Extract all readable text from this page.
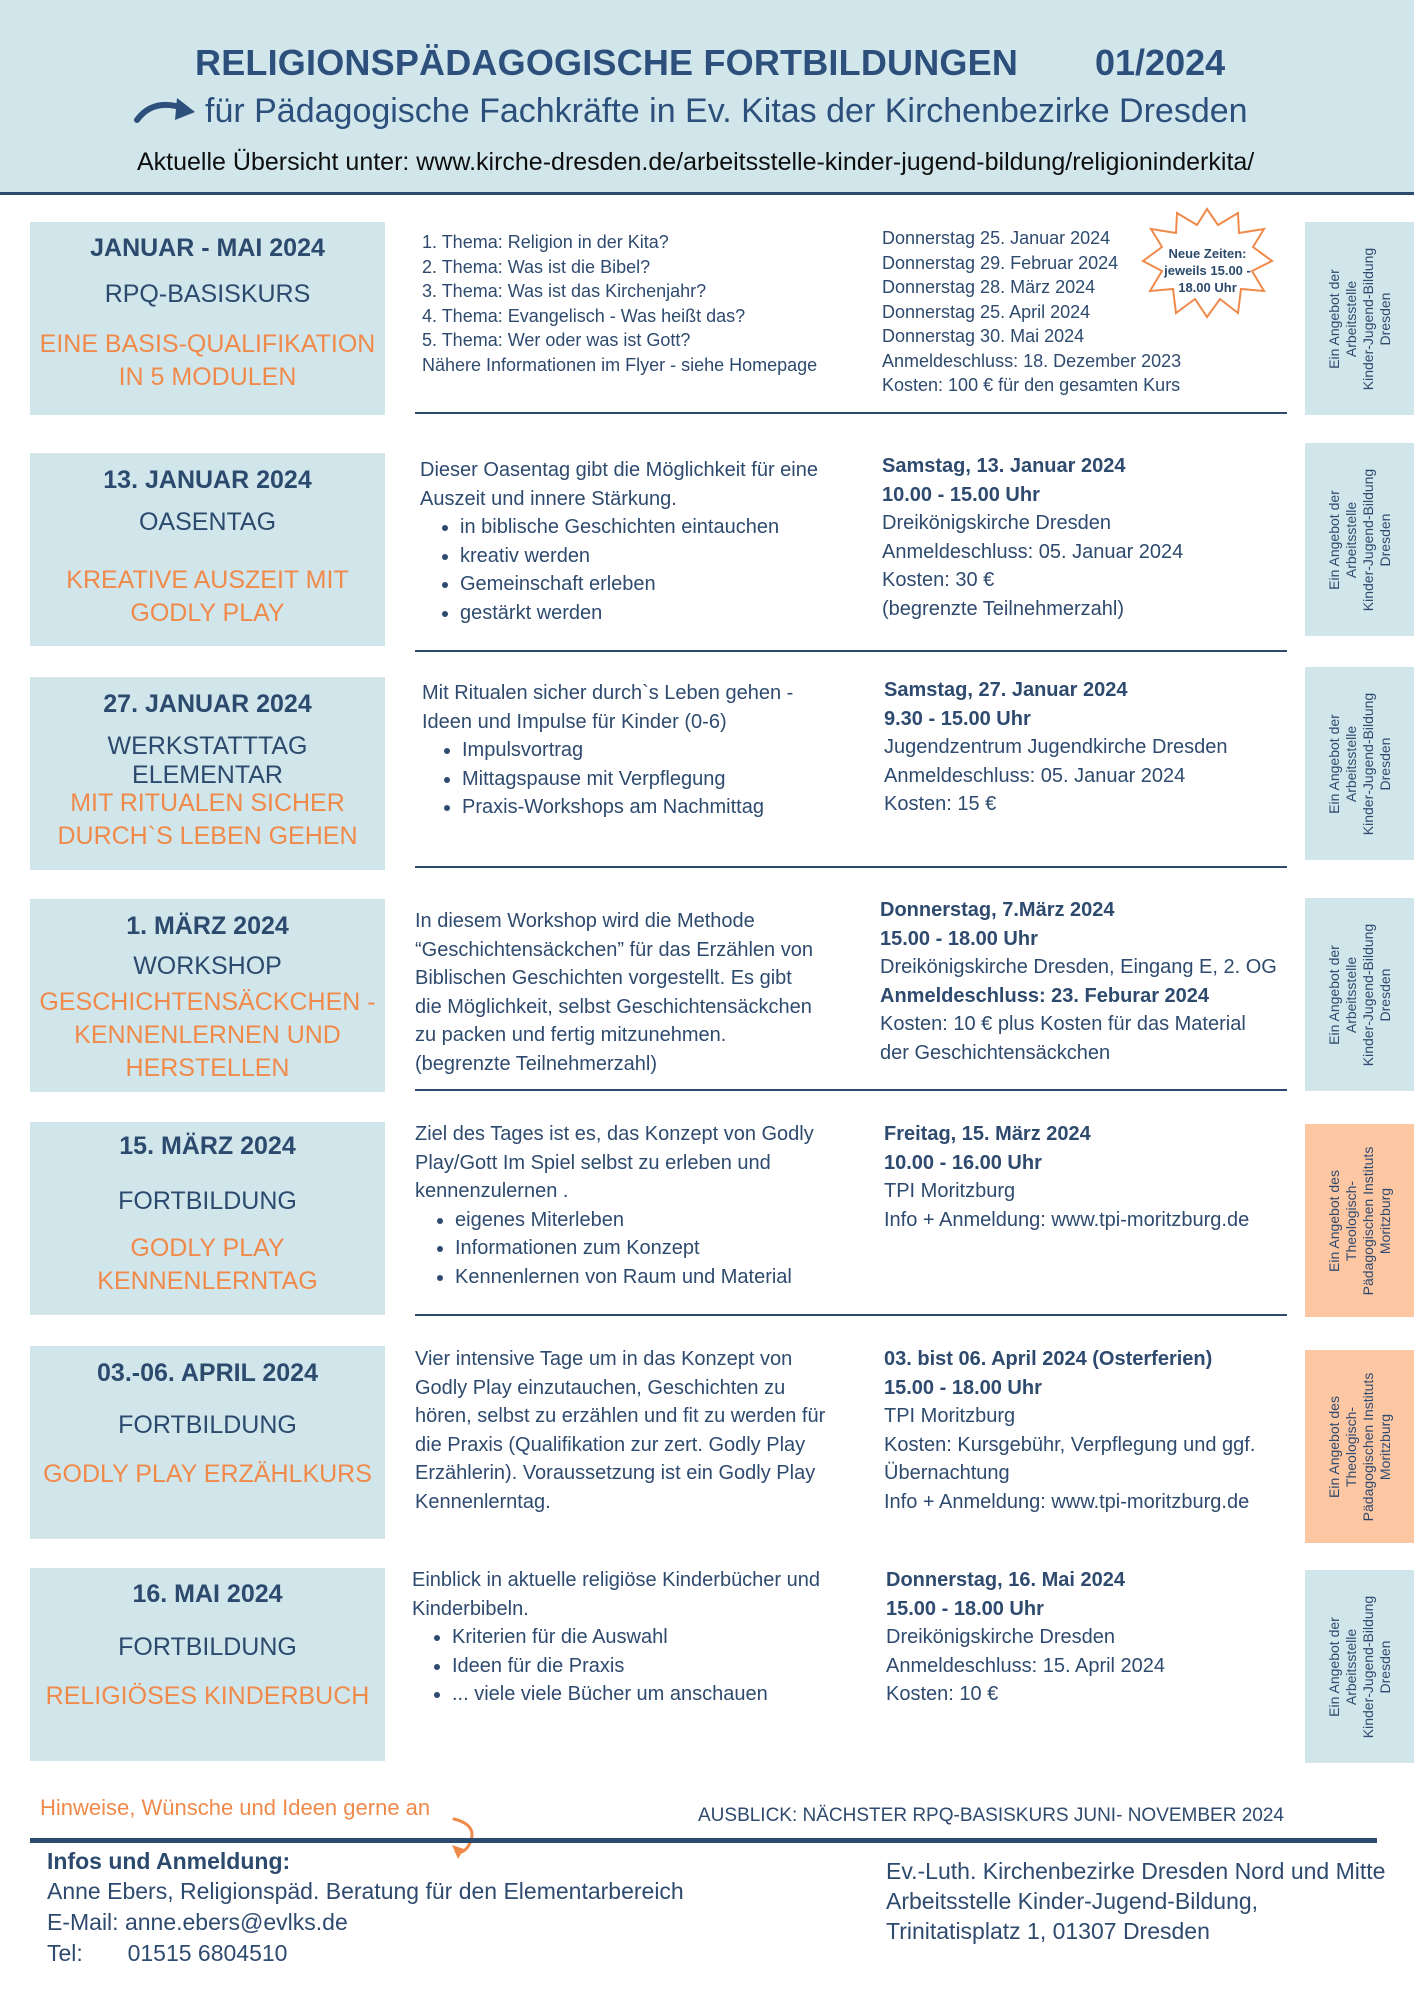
RELIGIONSPÄDAGOGISCHE FORTBILDUNGEN 01/2024
für Pädagogische Fachkräfte in Ev. Kitas der Kirchenbezirke Dresden
Aktuelle Übersicht unter: www.kirche-dresden.de/arbeitsstelle-kinder-jugend-bildung/religioninderkita/
JANUAR - MAI 2024
RPQ-BASISKURS
EINE BASIS-QUALIFIKATION
IN 5 MODULEN
1. Thema: Religion in der Kita?
2. Thema: Was ist die Bibel?
3. Thema: Was ist das Kirchenjahr?
4. Thema: Evangelisch - Was heißt das?
5. Thema: Wer oder was ist Gott?
Nähere Informationen im Flyer - siehe Homepage
Donnerstag 25. Januar 2024
Donnerstag 29. Februar 2024
Donnerstag 28. März 2024
Donnerstag 25. April 2024
Donnerstag 30. Mai 2024
Anmeldeschluss: 18. Dezember 2023
Kosten: 100 € für den gesamten Kurs
Neue Zeiten:
jeweils 15.00 -
18.00 Uhr	Ein Angebot der Arbeitsstelle Kinder-Jugend-Bildung Dresden
13. JANUAR 2024
OASENTAG
KREATIVE AUSZEIT MIT
GODLY PLAY
Dieser Oasentag gibt die Möglichkeit für eine
Auszeit und innere Stärkung.
• in biblische Geschichten eintauchen
• kreativ werden
• Gemeinschaft erleben
• gestärkt werden
Samstag, 13. Januar 2024
10.00 - 15.00 Uhr
Dreikönigskirche Dresden
Anmeldeschluss: 05. Januar 2024
Kosten: 30 €
(begrenzte Teilnehmerzahl)
Ein Angebot der Arbeitsstelle Kinder-Jugend-Bildung Dresden
27. JANUAR 2024
WERKSTATTTAG ELEMENTAR
MIT RITUALEN SICHER
DURCH`S LEBEN GEHEN
Mit Ritualen sicher durch`s Leben gehen -
Ideen und Impulse für Kinder (0-6)
• Impulsvortrag
• Mittagspause mit Verpflegung
• Praxis-Workshops am Nachmittag
Samstag, 27. Januar 2024
9.30 - 15.00 Uhr
Jugendzentrum Jugendkirche Dresden
Anmeldeschluss: 05. Januar 2024
Kosten: 15 €	Ein Angebot der Arbeitsstelle Kinder-Jugend-Bildung Dresden
1. MÄRZ 2024
WORKSHOP
GESCHICHTENSÄCKCHEN -
KENNENLERNEN UND
HERSTELLEN
In diesem Workshop wird die Methode
“Geschichtensäckchen” für das Erzählen von
Biblischen Geschichten vorgestellt. Es gibt
die Möglichkeit, selbst Geschichtensäckchen
zu packen und fertig mitzunehmen.
(begrenzte Teilnehmerzahl)
Donnerstag, 7.März 2024
15.00 - 18.00 Uhr
Dreikönigskirche Dresden, Eingang E, 2. OG
Anmeldeschluss: 23. Feburar 2024
Kosten: 10 € plus Kosten für das Material
der Geschichtensäckchen
Ein Angebot der Arbeitsstelle Kinder-Jugend-Bildung Dresden
15. MÄRZ 2024
FORTBILDUNG
GODLY PLAY
KENNENLERNTAG
Ziel des Tages ist es, das Konzept von Godly
Play/Gott Im Spiel selbst zu erleben und
kennenzulernen .
• eigenes Miterleben
• Informationen zum Konzept
• Kennenlernen von Raum und Material
Freitag, 15. März 2024
10.00 - 16.00 Uhr
TPI Moritzburg
Info + Anmeldung: www.tpi-moritzburg.de	Ein Angebot des Theologisch- Pädagogischen Instituts Moritzburg
03.-06. APRIL 2024
FORTBILDUNG
GODLY PLAY ERZÄHLKURS
Vier intensive Tage um in das Konzept von
Godly Play einzutauchen, Geschichten zu
hören, selbst zu erzählen und fit zu werden für
die Praxis (Qualifikation zur zert. Godly Play
Erzählerin). Voraussetzung ist ein Godly Play
Kennenlerntag.
03. bist 06. April 2024 (Osterferien)
15.00 - 18.00 Uhr
TPI Moritzburg
Kosten: Kursgebühr, Verpflegung und ggf.
Übernachtung
Info + Anmeldung: www.tpi-moritzburg.de
Ein Angebot des Theologisch- Pädagogischen Instituts Moritzburg
16. MAI 2024
FORTBILDUNG
RELIGIÖSES KINDERBUCH
Einblick in aktuelle religiöse Kinderbücher und
Kinderbibeln.
• Kriterien für die Auswahl
• Ideen für die Praxis
• ... viele viele Bücher um anschauen
Donnerstag, 16. Mai 2024
15.00 - 18.00 Uhr
Dreikönigskirche Dresden
Anmeldeschluss: 15. April 2024
Kosten: 10 €	Ein Angebot der Arbeitsstelle Kinder-Jugend-Bildung Dresden
Hinweise, Wünsche und Ideen gerne an	AUSBLICK: NÄCHSTER RPQ-BASISKURS JUNI- NOVEMBER 2024
Infos und Anmeldung:
Anne Ebers, Religionspäd. Beratung für den Elementarbereich
E-Mail: anne.ebers@evlks.de
Tel: 01515 6804510
Ev.-Luth. Kirchenbezirke Dresden Nord und Mitte
Arbeitsstelle Kinder-Jugend-Bildung,
Trinitatisplatz 1, 01307 Dresden
